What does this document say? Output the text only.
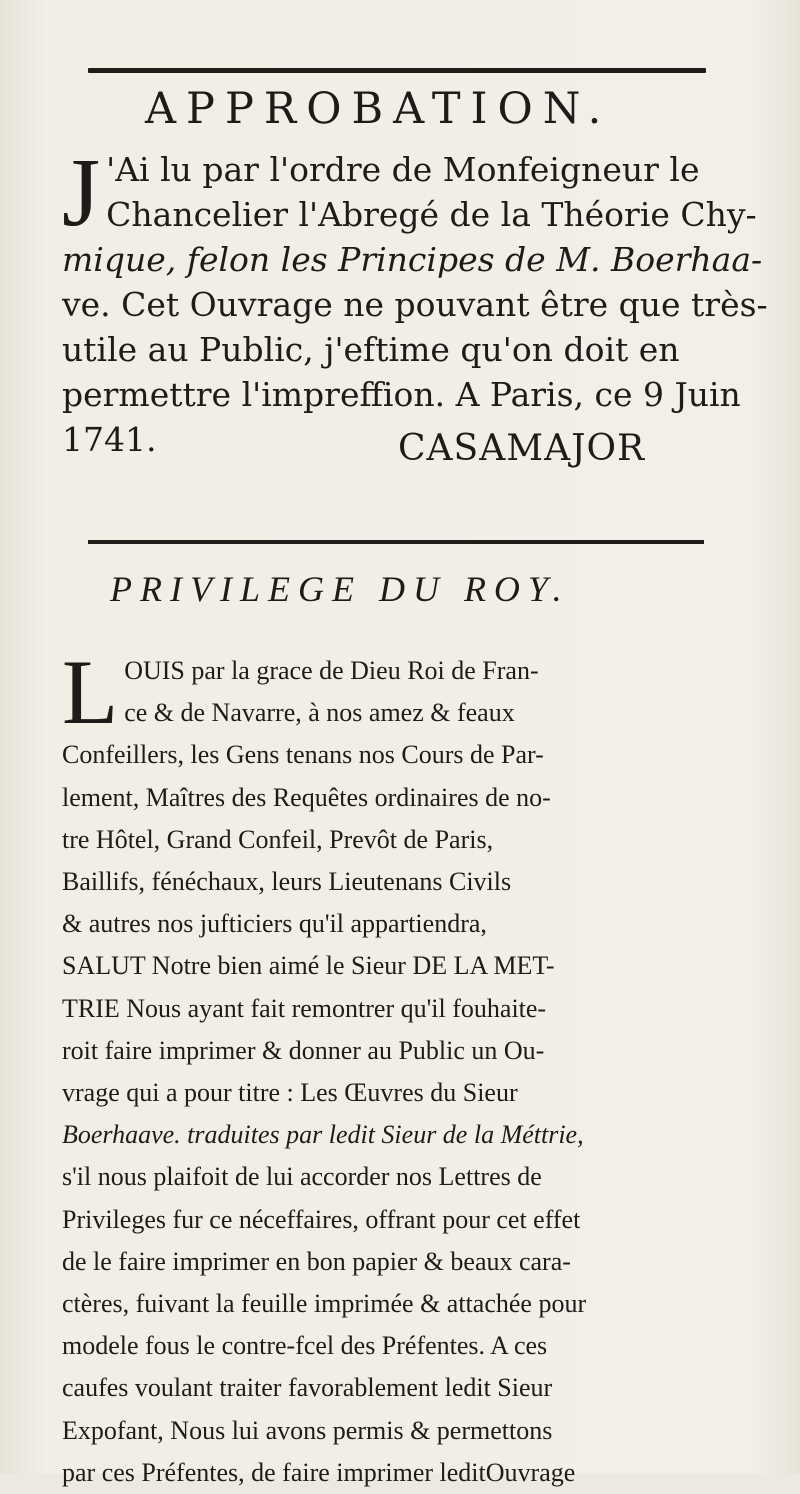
APPROBATION.
J 'Ai lu par l'ordre de Monfeigneur le
Chancelier l'Abregé de la Théorie Chy-
mique, felon les Principes de M. Boerhaa-
ve. Cet Ouvrage ne pouvant être que très-
utile au Public, j'eftime qu'on doit en
permettre l'impreffion. A Paris, ce 9 Juin
1741.	CASAMAJOR
PRIVILEGE DU ROY.
L OUIS par la grace de Dieu Roi de Fran-
ce & de Navarre, à nos amez & feaux
Confeillers, les Gens tenans nos Cours de Par-
lement, Maîtres des Requêtes ordinaires de no-
tre Hôtel, Grand Confeil, Prevôt de Paris,
Baillifs, fénéchaux, leurs Lieutenans Civils
& autres nos jufticiers qu'il appartiendra,
SALUT Notre bien aimé le Sieur DE LA MET-
TRIE Nous ayant fait remontrer qu'il fouhaite-
roit faire imprimer & donner au Public un Ou-
vrage qui a pour titre : Les Œuvres du Sieur
Boerhaave. traduites par ledit Sieur de la Méttrie,
s'il nous plaifoit de lui accorder nos Lettres de
Privileges fur ce néceffaires, offrant pour cet effet
de le faire imprimer en bon papier & beaux cara-
ctères, fuivant la feuille imprimée & attachée pour
modele fous le contre-fcel des Préfentes. A ces
caufes voulant traiter favorablement ledit Sieur
Expofant, Nous lui avons permis & permettons
par ces Préfentes, de faire imprimer leditOuvrage
